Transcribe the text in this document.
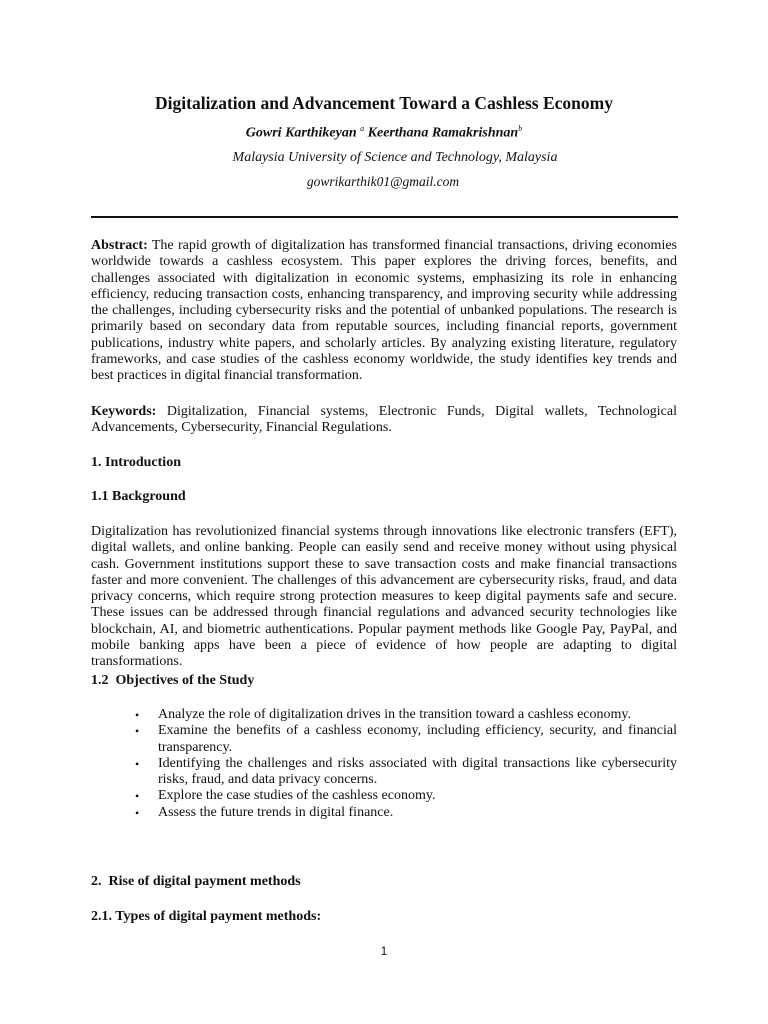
Digitalization and Advancement Toward a Cashless Economy
Gowri Karthikeyan $^a$ Keerthana Ramakrishnan$^b$
Malaysia University of Science and Technology, Malaysia
gowrikarthik01@gmail.com

Abstract: The rapid growth of digitalization has transformed financial transactions, driving economies worldwide towards a cashless ecosystem. This paper explores the driving forces, benefits, and challenges associated with digitalization in economic systems, emphasizing its role in enhancing efficiency, reducing transaction costs, enhancing transparency, and improving security while addressing the challenges, including cybersecurity risks and the potential of unbanked populations. The research is primarily based on secondary data from reputable sources, including financial reports, government publications, industry white papers, and scholarly articles. By analyzing existing literature, regulatory frameworks, and case studies of the cashless economy worldwide, the study identifies key trends and best practices in digital financial transformation.

Keywords: Digitalization, Financial systems, Electronic Funds, Digital wallets, Technological Advancements, Cybersecurity, Financial Regulations.

1. Introduction
1.1 Background

Digitalization has revolutionized financial systems through innovations like electronic transfers (EFT), digital wallets, and online banking. People can easily send and receive money without using physical cash. Government institutions support these to save transaction costs and make financial transactions faster and more convenient. The challenges of this advancement are cybersecurity risks, fraud, and data privacy concerns, which require strong protection measures to keep digital payments safe and secure. These issues can be addressed through financial regulations and advanced security technologies like blockchain, AI, and biometric authentications. Popular payment methods like Google Pay, PayPal, and mobile banking apps have been a piece of evidence of how people are adapting to digital transformations.

1.2  Objectives of the Study
• Analyze the role of digitalization drives in the transition toward a cashless economy.
• Examine the benefits of a cashless economy, including efficiency, security, and financial transparency.
• Identifying the challenges and risks associated with digital transactions like cybersecurity risks, fraud, and data privacy concerns.
• Explore the case studies of the cashless economy.
• Assess the future trends in digital finance.
2.  Rise of digital payment methods
2.1. Types of digital payment methods:
1
